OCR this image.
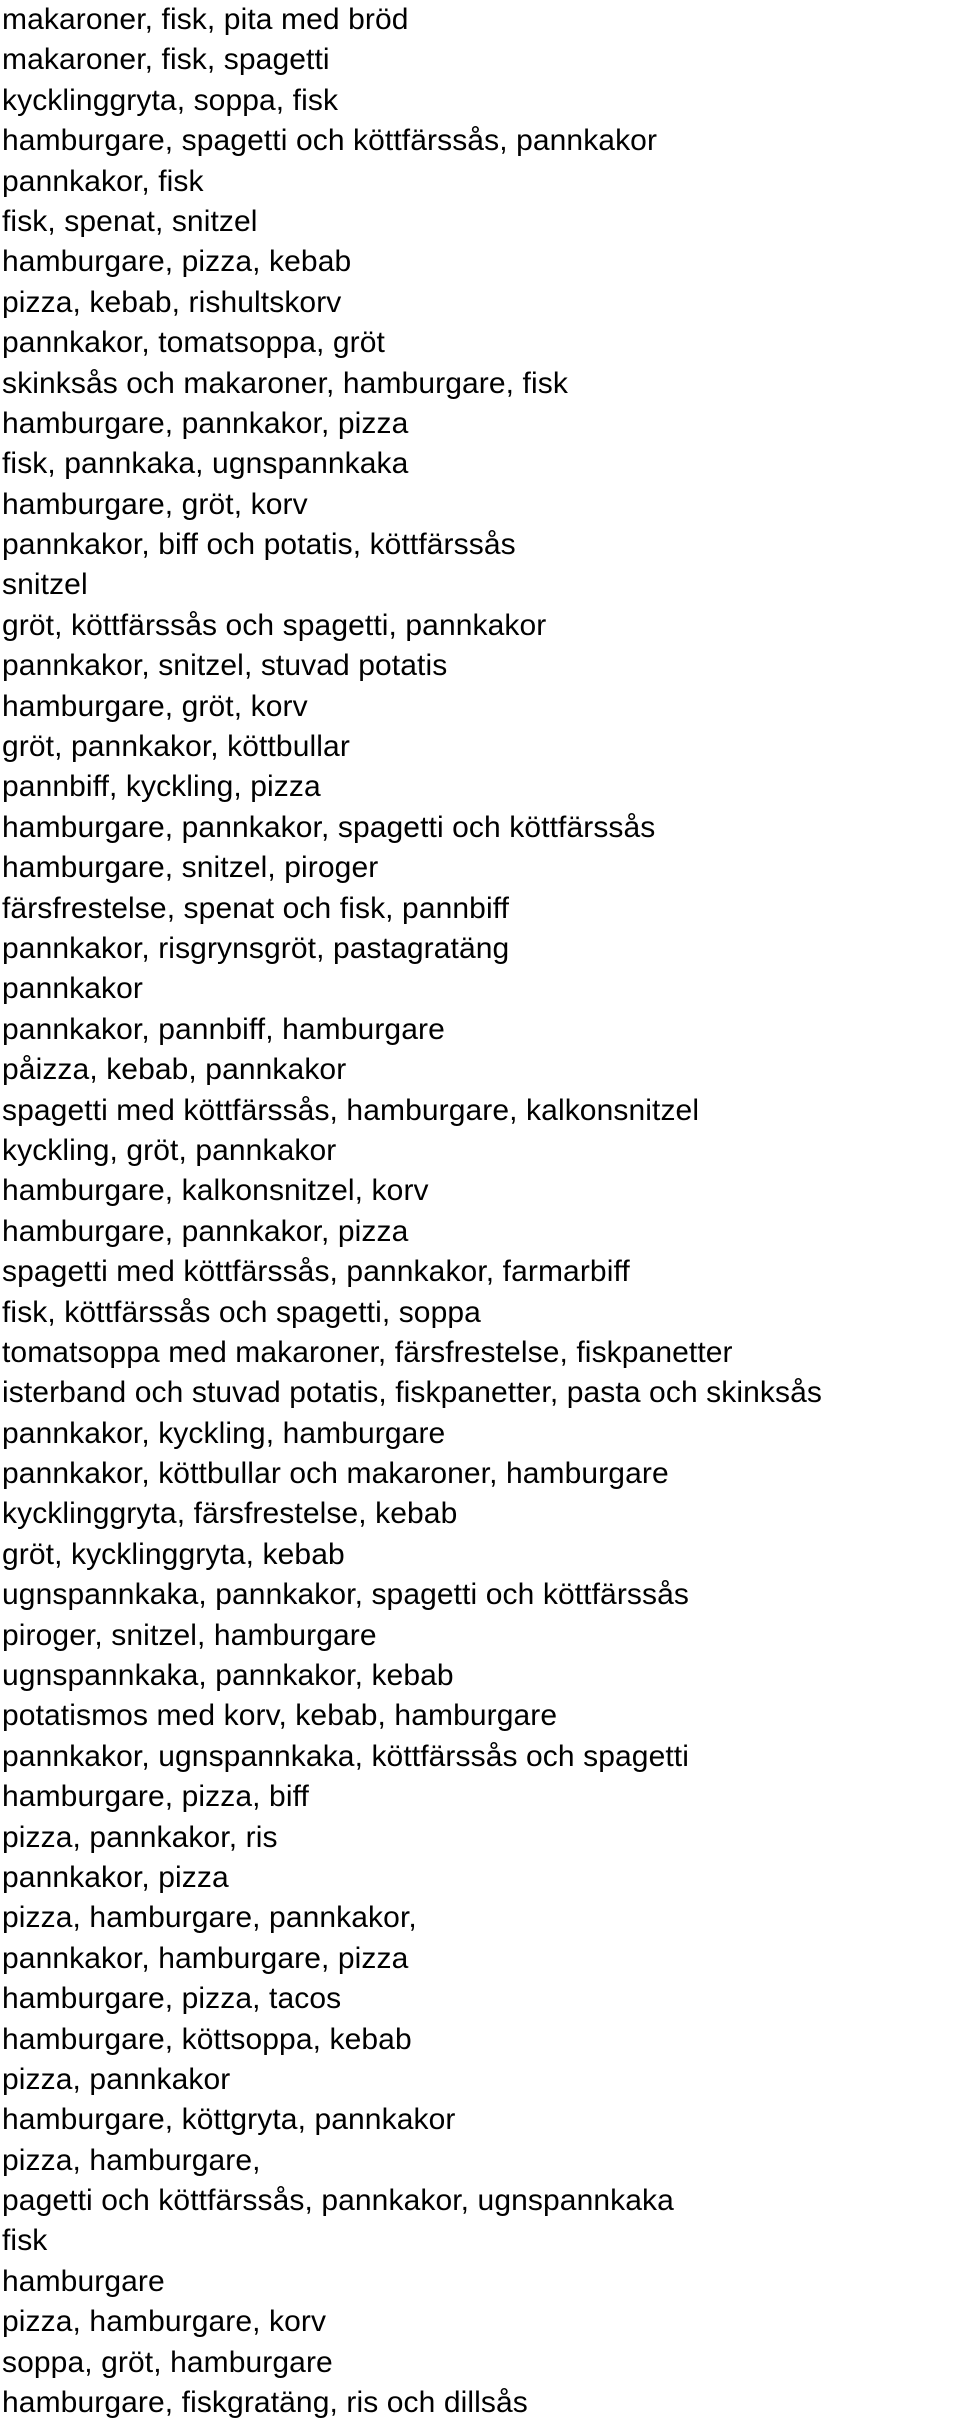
makaroner, fisk, pita med bröd
makaroner, fisk, spagetti
kycklinggryta, soppa, fisk
hamburgare, spagetti och köttfärssås, pannkakor
pannkakor, fisk
fisk, spenat, snitzel
hamburgare, pizza, kebab
pizza, kebab, rishultskorv
pannkakor, tomatsoppa, gröt
skinksås och makaroner, hamburgare, fisk
hamburgare, pannkakor, pizza
fisk, pannkaka, ugnspannkaka
hamburgare, gröt, korv
pannkakor, biff och potatis, köttfärssås
snitzel
gröt, köttfärssås och spagetti, pannkakor
pannkakor, snitzel, stuvad potatis
hamburgare, gröt, korv
gröt, pannkakor, köttbullar
pannbiff, kyckling, pizza
hamburgare, pannkakor, spagetti och köttfärssås
hamburgare, snitzel, piroger
färsfrestelse, spenat och fisk, pannbiff
pannkakor, risgrynsgröt, pastagratäng
pannkakor
pannkakor, pannbiff, hamburgare
påizza, kebab, pannkakor
spagetti med köttfärssås, hamburgare, kalkonsnitzel
kyckling, gröt, pannkakor
hamburgare, kalkonsnitzel, korv
hamburgare, pannkakor, pizza
spagetti med köttfärssås, pannkakor, farmarbiff
fisk, köttfärssås och spagetti, soppa
tomatsoppa med makaroner, färsfrestelse, fiskpanetter
isterband och stuvad potatis, fiskpanetter, pasta och skinksås
pannkakor, kyckling, hamburgare
pannkakor, köttbullar och makaroner, hamburgare
kycklinggryta, färsfrestelse, kebab
gröt, kycklinggryta, kebab
ugnspannkaka, pannkakor, spagetti och köttfärssås
piroger, snitzel, hamburgare
ugnspannkaka, pannkakor, kebab
potatismos med korv, kebab, hamburgare
pannkakor, ugnspannkaka, köttfärssås och spagetti
hamburgare, pizza, biff
pizza, pannkakor, ris
pannkakor, pizza
pizza, hamburgare, pannkakor,
pannkakor, hamburgare, pizza
hamburgare, pizza, tacos
hamburgare, köttsoppa, kebab
pizza, pannkakor
hamburgare, köttgryta, pannkakor
pizza, hamburgare,
pagetti och köttfärssås, pannkakor, ugnspannkaka
fisk
hamburgare
pizza, hamburgare, korv
soppa, gröt, hamburgare
hamburgare, fiskgratäng, ris och dillsås
